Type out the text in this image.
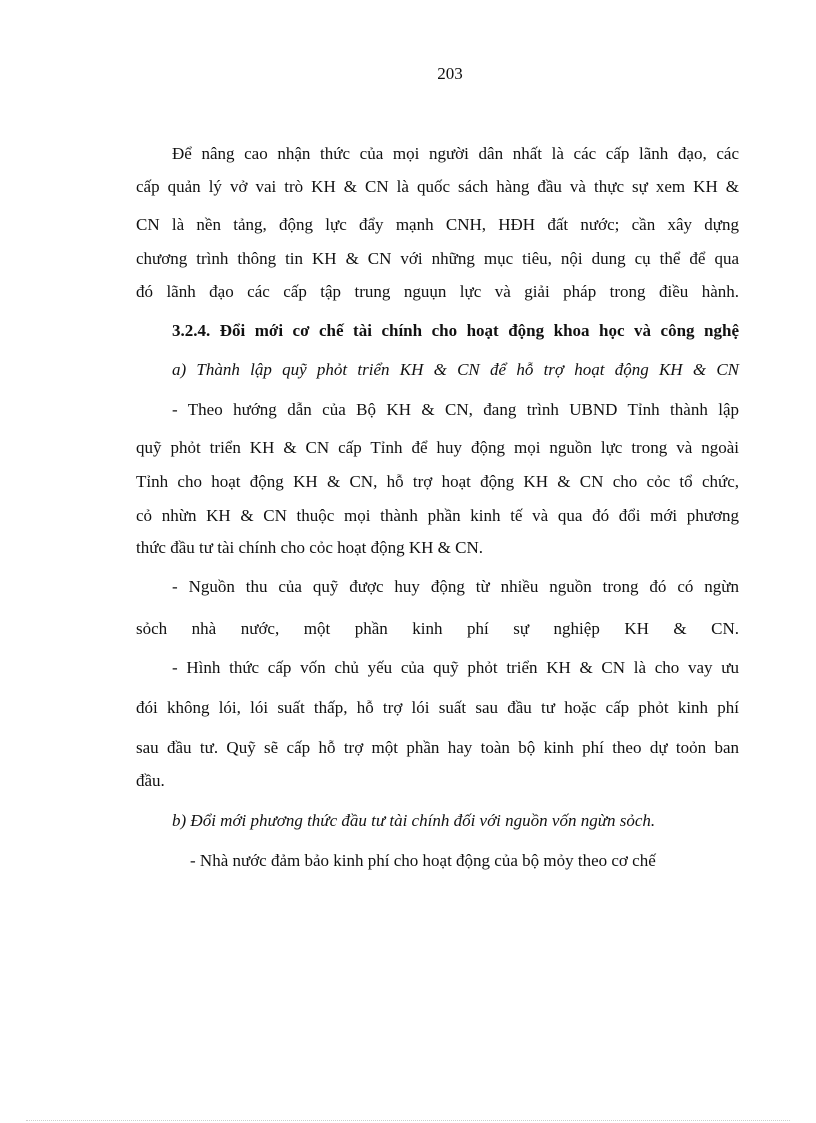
203
Để nâng cao nhận thức của mọi người dân nhất là các cấp lãnh đạo, các
cấp quản lý vở vai trò KH & CN là quốc sách hàng đầu và thực sự xem KH &
CN là nền tảng, động lực đẩy mạnh CNH, HĐH đất nước; cần xây dựng
chương trình thông tin KH & CN với những mục tiêu, nội dung cụ thể để qua
đó lãnh đạo các cấp tập trung nguụn lực và giải pháp trong điều hành.
3.2.4. Đổi mới cơ chế tài chính cho hoạt động khoa học và công nghệ
a) Thành lập quỹ phỏt triển KH & CN để hỗ trợ hoạt động KH & CN
- Theo hướng dẫn của Bộ KH & CN, đang trình UBND Tỉnh thành lập
quỹ phỏt triển KH & CN cấp Tỉnh để huy động mọi nguồn lực trong và ngoài
Tỉnh cho hoạt động KH & CN, hỗ trợ hoạt động KH & CN cho cỏc tổ chức,
cỏ nhừn KH & CN thuộc mọi thành phần kinh tế và qua đó đổi mới phương
thức đầu tư tài chính cho cỏc hoạt động KH & CN.
- Nguồn thu của quỹ được huy động từ nhiều nguồn trong đó có ngừn
sỏch nhà nước, một phần kinh phí sự nghiệp KH & CN.
- Hình thức cấp vốn chủ yếu của quỹ phỏt triển KH & CN là cho vay ưu
đói không lói, lói suất thấp, hỗ trợ lói suất sau đầu tư hoặc cấp phỏt kinh phí
sau đầu tư. Quỹ sẽ cấp hỗ trợ một phần hay toàn bộ kinh phí theo dự toỏn ban
đầu.
b) Đổi mới phương thức đầu tư tài chính đối với nguồn vốn ngừn sỏch.
- Nhà nước đảm bảo kinh phí cho hoạt động của bộ mỏy theo cơ chế
